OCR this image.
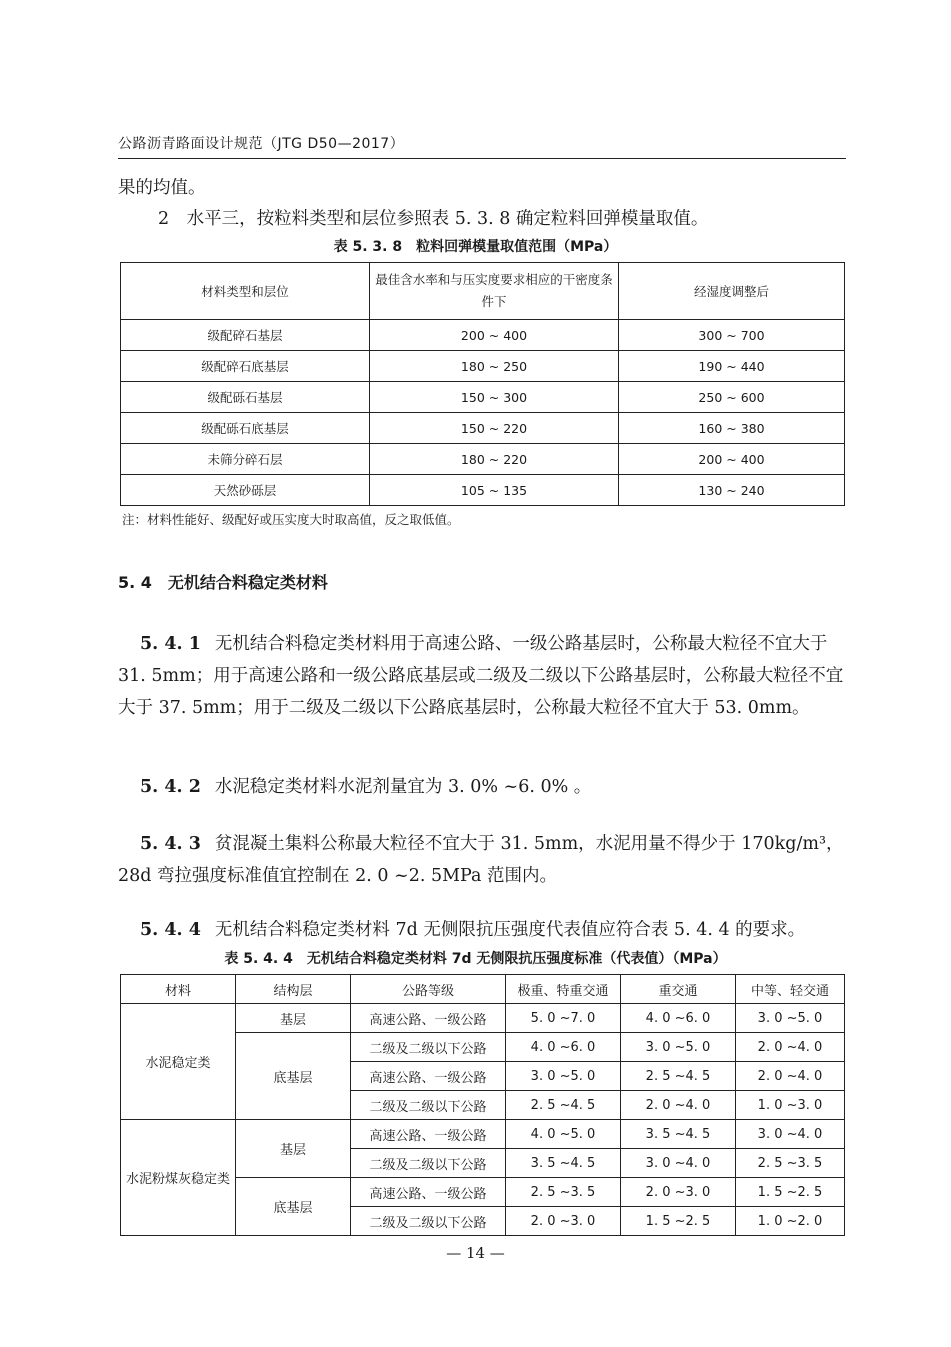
公路沥青路面设计规范（JTG D50—2017）
果的均值。
2　水平三，按粒料类型和层位参照表 5. 3. 8 确定粒料回弹模量取值。
表 5. 3. 8　粒料回弹模量取值范围（MPa）
材料类型和层位	最佳含水率和与压实度要求相应的干密度条件下	经湿度调整后
级配碎石基层	200 ~ 400	300 ~ 700
级配碎石底基层	180 ~ 250	190 ~ 440
级配砾石基层	150 ~ 300	250 ~ 600
级配砾石底基层	150 ~ 220	160 ~ 380
未筛分碎石层	180 ~ 220	200 ~ 400
天然砂砾层	105 ~ 135	130 ~ 240
注：材料性能好、级配好或压实度大时取高值，反之取低值。
5. 4　无机结合料稳定类材料
5. 4. 1 无机结合料稳定类材料用于高速公路、一级公路基层时，公称最大粒径不宜大于 31. 5mm；用于高速公路和一级公路底基层或二级及二级以下公路基层时，公称最大粒径不宜大于 37. 5mm；用于二级及二级以下公路底基层时，公称最大粒径不宜大于 53. 0mm。
5. 4. 2 水泥稳定类材料水泥剂量宜为 3. 0% ~6. 0% 。
5. 4. 3 贫混凝土集料公称最大粒径不宜大于 31. 5mm，水泥用量不得少于 170kg/m³，28d 弯拉强度标准值宜控制在 2. 0 ~2. 5MPa 范围内。
5. 4. 4 无机结合料稳定类材料 7d 无侧限抗压强度代表值应符合表 5. 4. 4 的要求。
表 5. 4. 4　无机结合料稳定类材料 7d 无侧限抗压强度标准（代表值）（MPa）
材料	结构层	公路等级	极重、特重交通	重交通	中等、轻交通
水泥稳定类	基层	高速公路、一级公路	5. 0 ~7. 0	4. 0 ~6. 0	3. 0 ~5. 0
	底基层	二级及二级以下公路	4. 0 ~6. 0	3. 0 ~5. 0	2. 0 ~4. 0
		高速公路、一级公路	3. 0 ~5. 0	2. 5 ~4. 5	2. 0 ~4. 0
		二级及二级以下公路	2. 5 ~4. 5	2. 0 ~4. 0	1. 0 ~3. 0
水泥粉煤灰稳定类	基层	高速公路、一级公路	4. 0 ~5. 0	3. 5 ~4. 5	3. 0 ~4. 0
		二级及二级以下公路	3. 5 ~4. 5	3. 0 ~4. 0	2. 5 ~3. 5
	底基层	高速公路、一级公路	2. 5 ~3. 5	2. 0 ~3. 0	1. 5 ~2. 5
		二级及二级以下公路	2. 0 ~3. 0	1. 5 ~2. 5	1. 0 ~2. 0
— 14 —
